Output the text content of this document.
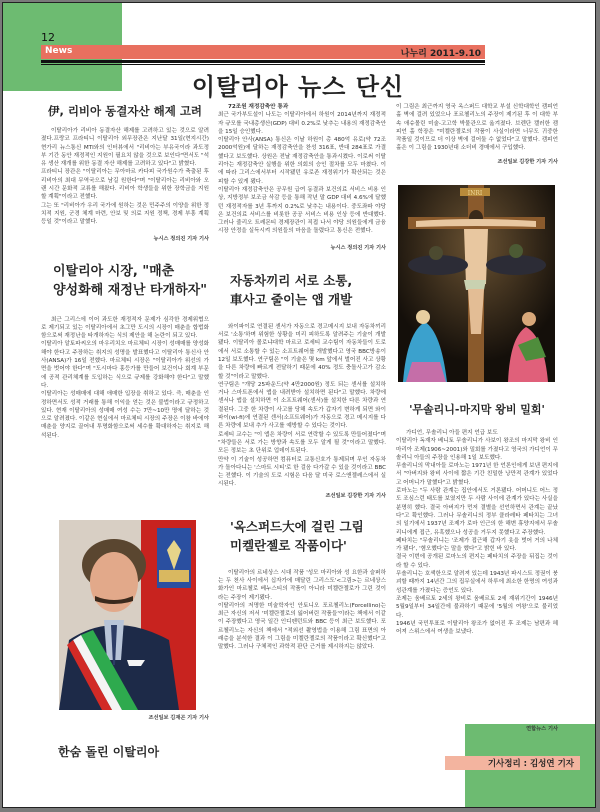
12
News	나누리 2011-9.10
이탈리아 뉴스 단신
伊, 리비아 동결자산 해제 고려

이탈리아가 리비아 동결자산 해제를 고려하고 있는 것으로 알려졌다.프랑코 프라티니 이탈리아 외무장관은 지난달 31일(현지시간) 현가리 뉴스통신 MTI와의 인터뷰에서 "리비아는 부유국이라 과도정부 기간 동안 재정적인 지원이 필요치 않을 것으로 보인다"면서도 "석유 생산 재개를 위한 동결 자산 해제를 고려하고 있다"고 밝혔다.

프라티니 장관은 "이탈리아는 무아마르 카다피 국가원수가 축출된 후 리비아의 최대 무역국으로 남길 원한다"며 "이탈리아는 리비아와 오랜 시간 문화적 교류를 해왔다. 리비아 학생들을 위한 장학금을 지원할 계획"이라고 전했다.

그는 또 "리비아가 우리 국가에 원하는 것은 민주주의 이양을 위한 정치적 지원, 군경 체계 마련, 안보 및 의료 지원 정책, 경제 부흥 계획 등일 것"이라고 말했다.

뉴시스 정의진 기자 기사
이탈리아 시장, "매춘
양성화해 재정난 타개하자"

최근 그리스에 이어 과도한 재정적자 문제가 심각한 경제위협으로 제기되고 있는 이탈리아에서 초그만 도시의 시장이 매춘을 합법화함으로써 재정난을 타개하자는 식의 제안을 해 논란이 되고 있다.

이탈리아 알토파씨오의 마우리치오 마르체티 시장이 성매매를 양성화해야 한다고 주장하는 취지의 성명을 발표했다고 이탈리아 통신사 안사(ANSA)가 16일 전했다. 마르체티 시장은 "이탈리아가 위선의 가면을 벗어야 한다"며 "도시마다 홍등가를 만들어 보건이나 회계 부문에 공적 관리체계를 도입하는 식으로 규제를 강화해야 한다"고 말했다.

이탈리아는 성매매에 대해 애매한 입장을 취하고 있다. 즉, 매춘을 인정하면서도 성적 거래를 통해 이익을 얻는 것은 불법이라고 규정하고 있다. 현재 이탈리아의 성매매 여성 수는 7만~10만 명에 달하는 것으로 알려졌다. 이같은 현실에서 마르체티 시장의 주장은 이참 바에야 매춘을 양지로 끌어내 투명화함으로써 세수를 확대하자는 취지로 해석된다.

조선일보 김재곤 기자 기사
한숨 돌린 이탈리아

72조원 재정감축안 통과

최근 국가부도설이 나도는 이탈리아에서 하원이 2014년까지 재정적자 규모를 국내총생산(GDP) 대비 0.2%로 낮추는 내용의 재정감축안을 15일 승인했다.

이탈리아 안사(ANSA) 통신은 이날 하원이 총 480억 유로(약 72조2000억원)에 달하는 재정감축안을 찬성 316표, 반대 284표로 가결했다고 보도했다. 상원은 전날 재정감축안을 통과시켰다. 이로써 이탈리아는 재정감축안 실행을 위한 의회의 승인 절차를 모두 마쳤다. 이에 따라 그리스에서부터 시작됐던 유로존 재정위기가 확산되는 것은 피할 수 있게 됐다.

이탈리아 재정감축안은 공무원 급여 동결과 보건의료 서비스 비용 인상, 지방정부 보조금 삭감 등을 통해 작년 말 GDP 대비 4.6%에 달했던 재정적자를 3년 후까지 0.2%로 낮추는 내용이다. 중도좌파 야당은 보건의료 서비스를 비롯한 공공 서비스 비용 인상 등에 반대했다. 그러나 줄리오 트레몬티 경제장관이 직접 나서 야당 의원들에게 금융시장 안정을 실득시켜 의원들의 마음을 돌렸다고 통신은 전했다.

뉴시스 정의진 기자 기사
자동차끼리 서로 소통,
車사고 줄이는 앱 개발

와이파이로 연결된 센서가 자동으로 경고메시지 보내 자동차끼리 서로 '소통'하며 위험한 상황을 미리 피하도록 알려주는 기술이 개발됐다. 이탈리아 볼로냐대학 마르코 로세티 교수팀이 자동차들이 도로에서 서로 소통할 수 있는 소프트웨어를 개발했다고 영국 BBC방송이 12일 보도했다. 연구팀은 "이 기술은 몇 km 앞에서 벌어진 사고 상황을 다른 차량에 빠르게 전달하기 때문에 40% 정도 충돌사고가 감소할 것"이라고 말했다.

연구팀은 "개당 25파운드(약 4만2000원) 정도 되는 센서를 설치하거나 스마트폰에서 앱을 내려받아 설치하면 된다"고 말했다. 차량에 센서나 앱을 설치하면 이 소프트웨어(센서)를 설치한 다른 차량과 연결된다. 그중 한 차량이 사고를 당해 속도가 갑자기 변하게 되면 와이파이(wi-fi)에 연결된 센서(소프트웨어)가 자동으로 경고 메시지를 다른 차량에 보내 추가 사고를 예방할 수 있다는 것이다.

로세티 교수는 "이 앱은 차량이 서로 연락할 수 있도록 만들어졌다"며 "차량들은 서로 가는 방향과 속도를 모두 알게 될 것"이라고 말했다. 모든 정보는 초 단위로 업데이트된다.

만약 이 기술이 성공하면 컴퓨터로 교통신호가 통제되며 무인 자동차가 돌아다니는 '스마트 시티'로 한 걸음 다가갈 수 있을 것이라고 BBC는 전했다. 이 기술의 도로 시험은 다음 달 미국 로스앤젤레스에서 실시된다.

조선일보 김강한 기자 기사
'옥스퍼드大에 걸린 그림
미켈란젤로 작품이다'

이탈리아의 르네상스 시대 작품 '성모 마리아와 성 요한과 슬퍼하는 두 천사 사이에서 십자가에 매달린 그리스도'<그림>는 르네상스 화가인 마르첼로 베누스티의 작품이 아니라 미켈란젤로가 그린 것이라는 주장이 제기됐다.

이탈리아의 저명한 미술학자인 안토니오 포르첼리노(Forcellino)는 최근 자신의 저서 '미켈란젤로의 잃어버린 작품들'이라는 책에서 이같이 주장했다고 영국 일간 인디펜던트와 BBC 등이 최근 보도했다. 포르첼리노는 자신의 책에서 "적외선 촬영법을 이용해 그림 표면의 아래층을 분석한 결과 이 그림을 미켈란젤로의 작품이라고 확신했다"고 말했다. 그러나 구체적인 과학적 판단 근거를 제시하지는 않았다.

이 그림은 최근까지 영국 옥스퍼드 대학교 부설 신학대학인 캠피언 홀 벽에 걸려 있었으나 포르첼리노의 주장이 제기된 후 이 대학 부속 애슈몰린 미술-고고학 박물관으로 옮겨졌다. 브렌단 캘러한 캠피언 홀 학장은 "미켈란젤로의 작품이 사실이라면 너무도 귀중한 작품일 것이므로 더 이상 벽에 걸어둘 수 없었다"고 말했다. 캠피언 홀은 이 그림을 1930년대 소더비 경매에서 구입했다.

조선일보 김강한 기자 기사
INRI
'무솔리니-마지막 왕비 밀회'

가디언, 무솔리니 아들 편지 언급 보도

이탈리아 독재자 베니토 무솔리니가 사보이 왕조의 마지막 왕비 인 마리아 조제(1906~2001)와 밀회를 가졌다고 영국의 가디언이 무솔리니 아들의 주장을 인용해 1일 보도했다.

무솔리니의 막내아들 로마노는 1971년 한 언론인에게 보낸 편지에서 "아버지와 왕비 사이에 짧은 기간 친밀한 낭만적 관계가 있었다고 어머니가 말했다"고 밝혔다.

로마노는 "두 사람 관계는 집안에서도 거론됐다. 어머니도 어느 정도 조심스런 태도를 보였지만 두 사람 사이에 관계가 있다는 사실을 분명히 했다. 결국 아버지가 먼저 결별을 선언하면서 관계는 끝났다"고 확인했다. 그러나 무솔리니의 정부 클라레타 페타치는 그녀의 일기에서 1937년 조제가 로마 인근의 한 해변 휴양지에서 무솔리니에게 접근, 유혹했으나 성공을 거두지 못했다고 주장했다.

페타치는 "무솔리니는 '조제가 접근해 갑자기 옷을 벗어 거의 나체가 됐다', '혐오했다'는 말을 했다"고 밝힌 바 있다.

결국 이번에 공개된 로마노의 편지는 페타치의 주장을 뒤집는 것이라 할 수 있다.

무솔리니는 호색한으로 알려져 있는데 1943년 파시스트 정권이 붕괴할 때까지 14년간 그의 집무실에서 하루에 최소한 한명의 여성과 성관계를 가졌다는 증언도 있다.

조제는 움베르토 2세의 왕비로 움베르토 2세 재위기간이 1946년 5월9일부터 34일간에 불과하기 때문에 '5월의 여왕'으로 불리었다.

1946년 국민투표로 이탈리아 왕조가 없어진 후 조제는 남편과 헤어져 스위스에서 여생을 보냈다.

연합뉴스 기사
기사정리 : 김성연 기자
